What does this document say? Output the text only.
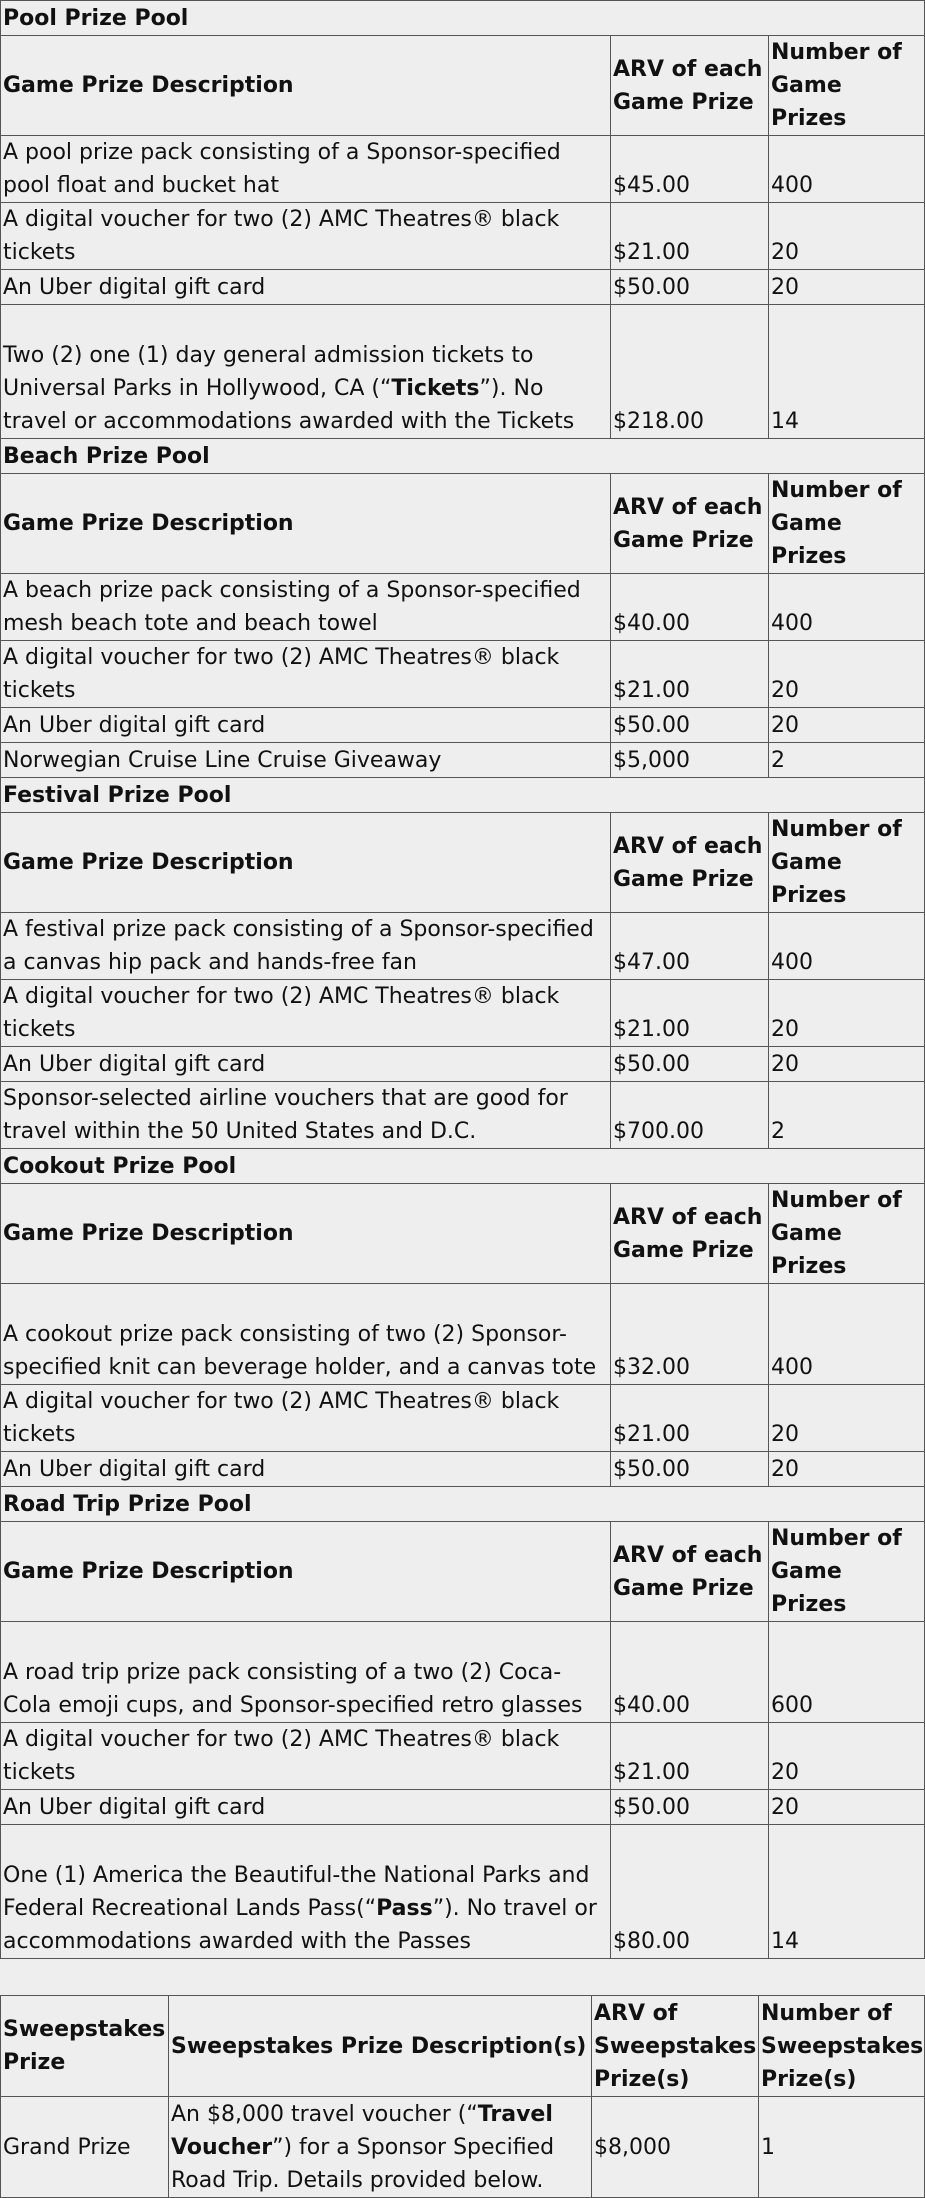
Pool Prize Pool		
Game Prize Description	ARV of each Game Prize	Number of Game Prizes
A pool prize pack consisting of a Sponsor-specified pool float and bucket hat	$45.00	400
A digital voucher for two (2) AMC Theatres® black tickets	$21.00	20
An Uber digital gift card	$50.00	20
Two (2) one (1) day general admission tickets to Universal Parks in Hollywood, CA (“Tickets”). No travel or accommodations awarded with the Tickets	$218.00	14
Beach Prize Pool		
Game Prize Description	ARV of each Game Prize	Number of Game Prizes
A beach prize pack consisting of a Sponsor-specified mesh beach tote and beach towel	$40.00	400
A digital voucher for two (2) AMC Theatres® black tickets	$21.00	20
An Uber digital gift card	$50.00	20
Norwegian Cruise Line Cruise Giveaway	$5,000	2
Festival Prize Pool		
Game Prize Description	ARV of each Game Prize	Number of Game Prizes
A festival prize pack consisting of a Sponsor-specified a canvas hip pack and hands-free fan	$47.00	400
A digital voucher for two (2) AMC Theatres® black tickets	$21.00	20
An Uber digital gift card	$50.00	20
Sponsor-selected airline vouchers that are good for travel within the 50 United States and D.C.	$700.00	2
Cookout Prize Pool		
Game Prize Description	ARV of each Game Prize	Number of Game Prizes
A cookout prize pack consisting of two (2) Sponsor-specified knit can beverage holder, and a canvas tote	$32.00	400
A digital voucher for two (2) AMC Theatres® black tickets	$21.00	20
An Uber digital gift card	$50.00	20
Road Trip Prize Pool		
Game Prize Description	ARV of each Game Prize	Number of Game Prizes
A road trip prize pack consisting of a two (2) Coca-Cola emoji cups, and Sponsor-specified retro glasses	$40.00	600
A digital voucher for two (2) AMC Theatres® black tickets	$21.00	20
An Uber digital gift card	$50.00	20
One (1) America the Beautiful-the National Parks and Federal Recreational Lands Pass(“Pass”). No travel or accommodations awarded with the Passes	$80.00	14
Sweepstakes Prize	Sweepstakes Prize Description(s)	ARV of Sweepstakes Prize(s)	Number of Sweepstakes Prize(s)
Grand Prize	An $8,000 travel voucher (“Travel Voucher”) for a Sponsor Specified Road Trip. Details provided below.	$8,000	1
